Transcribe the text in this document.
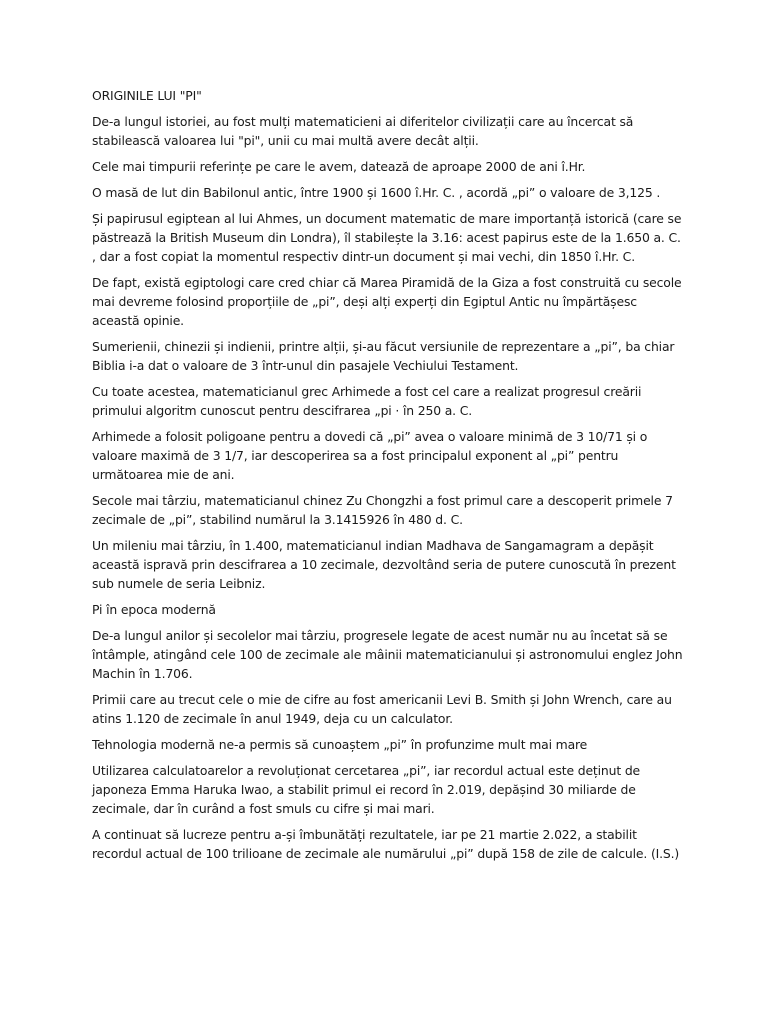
ORIGINILE LUI "PI"

De-a lungul istoriei, au fost mulți matematicieni ai diferitelor civilizații care au încercat să stabilească valoarea lui "pi", unii cu mai multă avere decât alții.

Cele mai timpurii referințe pe care le avem, datează de aproape 2000 de ani î.Hr.

O masă de lut din Babilonul antic, între 1900 și 1600 î.Hr. C. , acordă „pi” o valoare de 3,125 .

Și papirusul egiptean al lui Ahmes, un document matematic de mare importanță istorică (care se păstrează la British Museum din Londra), îl stabilește la 3.16: acest papirus este de la 1.650 a. C. , dar a fost copiat la momentul respectiv dintr-un document și mai vechi, din 1850 î.Hr. C.

De fapt, există egiptologi care cred chiar că Marea Piramidă de la Giza a fost construită cu secole mai devreme folosind proporțiile de „pi”, deși alți experți din Egiptul Antic nu împărtășesc această opinie.

Sumerienii, chinezii și indienii, printre alții, și-au făcut versiunile de reprezentare a „pi”, ba chiar Biblia i-a dat o valoare de 3 într-unul din pasajele Vechiului Testament.

Cu toate acestea, matematicianul grec Arhimede a fost cel care a realizat progresul creării primului algoritm cunoscut pentru descifrarea „pi · în 250 a. C.

Arhimede a folosit poligoane pentru a dovedi că „pi” avea o valoare minimă de 3 10/71 și o valoare maximă de 3 1/7, iar descoperirea sa a fost principalul exponent al „pi” pentru următoarea mie de ani.

Secole mai târziu, matematicianul chinez Zu Chongzhi a fost primul care a descoperit primele 7 zecimale de „pi”, stabilind numărul la 3.1415926 în 480 d. C.

Un mileniu mai târziu, în 1.400, matematicianul indian Madhava de Sangamagram a depășit această ispravă prin descifrarea a 10 zecimale, dezvoltând seria de putere cunoscută în prezent sub numele de seria Leibniz.

Pi în epoca modernă

De-a lungul anilor și secolelor mai târziu, progresele legate de acest număr nu au încetat să se întâmple, atingând cele 100 de zecimale ale mâinii matematicianului și astronomului englez John Machin în 1.706.

Primii care au trecut cele o mie de cifre au fost americanii Levi B. Smith și John Wrench, care au atins 1.120 de zecimale în anul 1949, deja cu un calculator.

Tehnologia modernă ne-a permis să cunoaștem „pi” în profunzime mult mai mare

Utilizarea calculatoarelor a revoluționat cercetarea „pi”, iar recordul actual este deținut de japoneza Emma Haruka Iwao, a stabilit primul ei record în 2.019, depășind 30 miliarde de zecimale, dar în curând a fost smuls cu cifre și mai mari.

A continuat să lucreze pentru a-și îmbunătăți rezultatele, iar pe 21 martie 2.022, a stabilit recordul actual de 100 trilioane de zecimale ale numărului „pi” după 158 de zile de calcule. (I.S.)
